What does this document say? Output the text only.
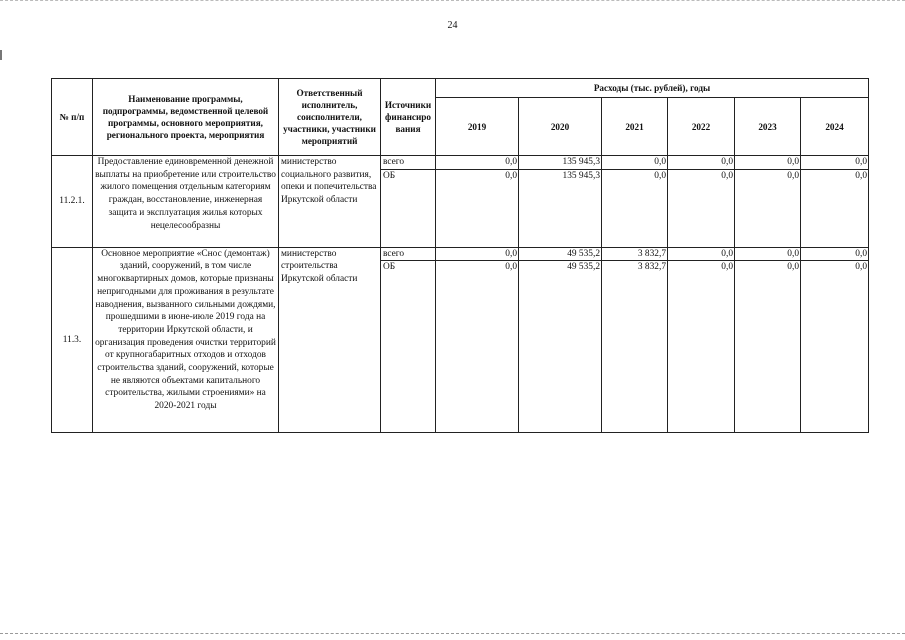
24
№ п/п	Наименование программы, подпрограммы, ведомственной целевой программы, основного мероприятия, регионального проекта, мероприятия	Ответственный исполнитель, соисполнители, участники, участники мероприятий	Источники финансиро вания	Расходы (тыс. рублей), годы					
				2019	2020	2021	2022	2023	2024
11.2.1.	Предоставление единовременной денежной выплаты на приобретение или строительство жилого помещения отдельным категориям граждан, восстановление, инженерная защита и эксплуатация жилья которых нецелесообразны	министерство социального развития, опеки и попечительства Иркутской области	всего	0,0	135 945,3	0,0	0,0	0,0	0,0
			ОБ	0,0	135 945,3	0,0	0,0	0,0	0,0
11.3.	Основное мероприятие «Снос (демонтаж) зданий, сооружений, в том числе многоквартирных домов, которые признаны непригодными для проживания в результате наводнения, вызванного сильными дождями, прошедшими в июне-июле 2019 года на территории Иркутской области, и организация проведения очистки территорий от крупногабаритных отходов и отходов строительства зданий, сооружений, которые не являются объектами капитального строительства, жилыми строениями» на 2020-2021 годы	министерство строительства Иркутской области	всего	0,0	49 535,2	3 832,7	0,0	0,0	0,0
			ОБ	0,0	49 535,2	3 832,7	0,0	0,0	0,0
